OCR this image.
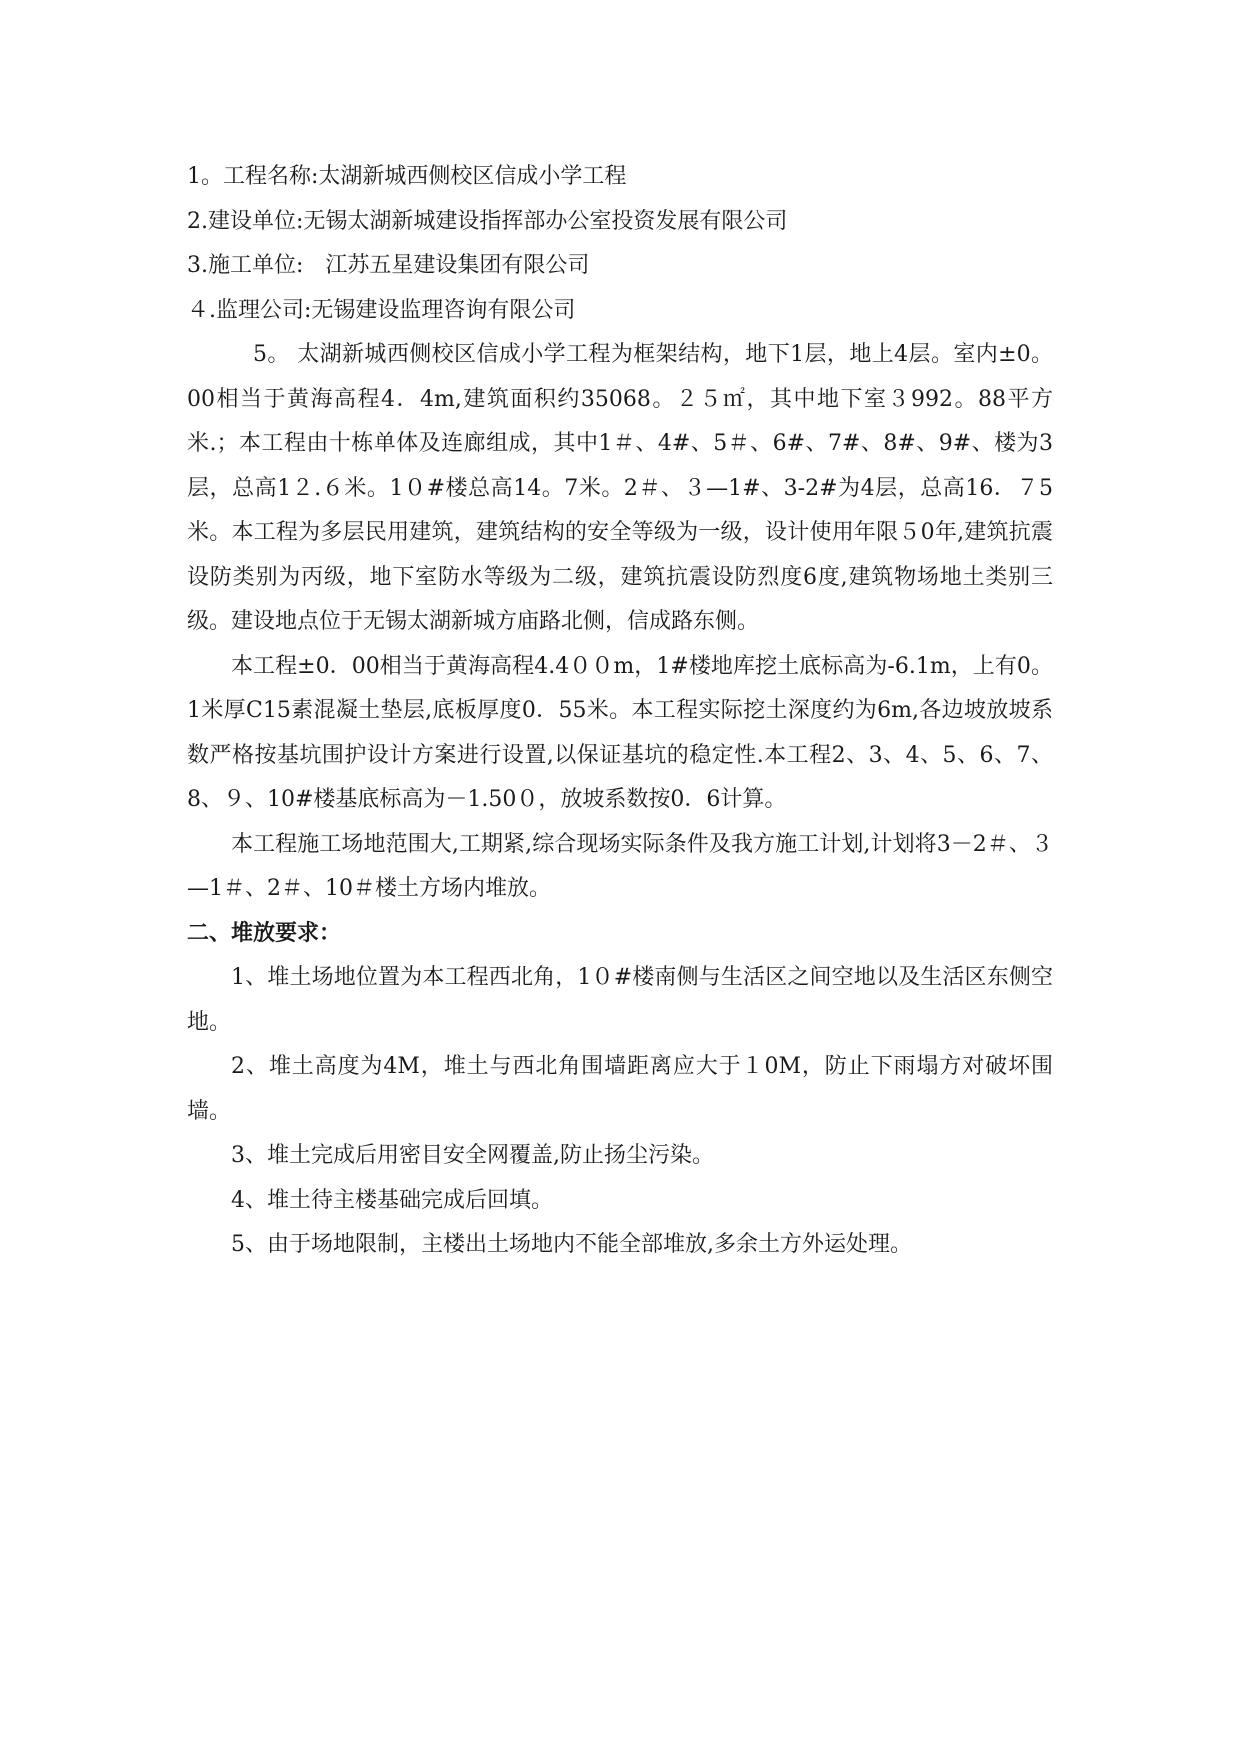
1。工程名称:太湖新城西侧校区信成小学工程

2.建设单位:无锡太湖新城建设指挥部办公室投资发展有限公司

3.施工单位:　江苏五星建设集团有限公司

４.监理公司:无锡建设监理咨询有限公司

5。 太湖新城西侧校区信成小学工程为框架结构，地下1层，地上4层。室内±0。00相当于黄海高程4．4m,建筑面积约35068。２５㎡，其中地下室３992。88平方米.；本工程由十栋单体及连廊组成，其中1＃、4#、5＃、6#、7#、8#、9#、楼为3层，总高1２.６米。1０#楼总高14。7米。2＃、３—1#、3-2#为4层，总高16．７5米。本工程为多层民用建筑，建筑结构的安全等级为一级，设计使用年限５0年,建筑抗震设防类别为丙级，地下室防水等级为二级，建筑抗震设防烈度6度,建筑物场地土类别三级。建设地点位于无锡太湖新城方庙路北侧，信成路东侧。

本工程±0．00相当于黄海高程4.4００m，1#楼地库挖土底标高为-6.1m，上有0。1米厚C15素混凝土垫层,底板厚度0．55米。本工程实际挖土深度约为6m,各边坡放坡系数严格按基坑围护设计方案进行设置,以保证基坑的稳定性.本工程2、3、4、5、6、7、8、９、10#楼基底标高为－1.50０，放坡系数按0．6计算。

本工程施工场地范围大,工期紧,综合现场实际条件及我方施工计划,计划将3－2＃、３—1＃、2＃、10＃楼土方场内堆放。

二、堆放要求：

1、堆土场地位置为本工程西北角，1０#楼南侧与生活区之间空地以及生活区东侧空地。

2、堆土高度为4M，堆土与西北角围墙距离应大于１0M，防止下雨塌方对破坏围墙。

3、堆土完成后用密目安全网覆盖,防止扬尘污染。

4、堆土待主楼基础完成后回填。

5、由于场地限制，主楼出土场地内不能全部堆放,多余土方外运处理。
